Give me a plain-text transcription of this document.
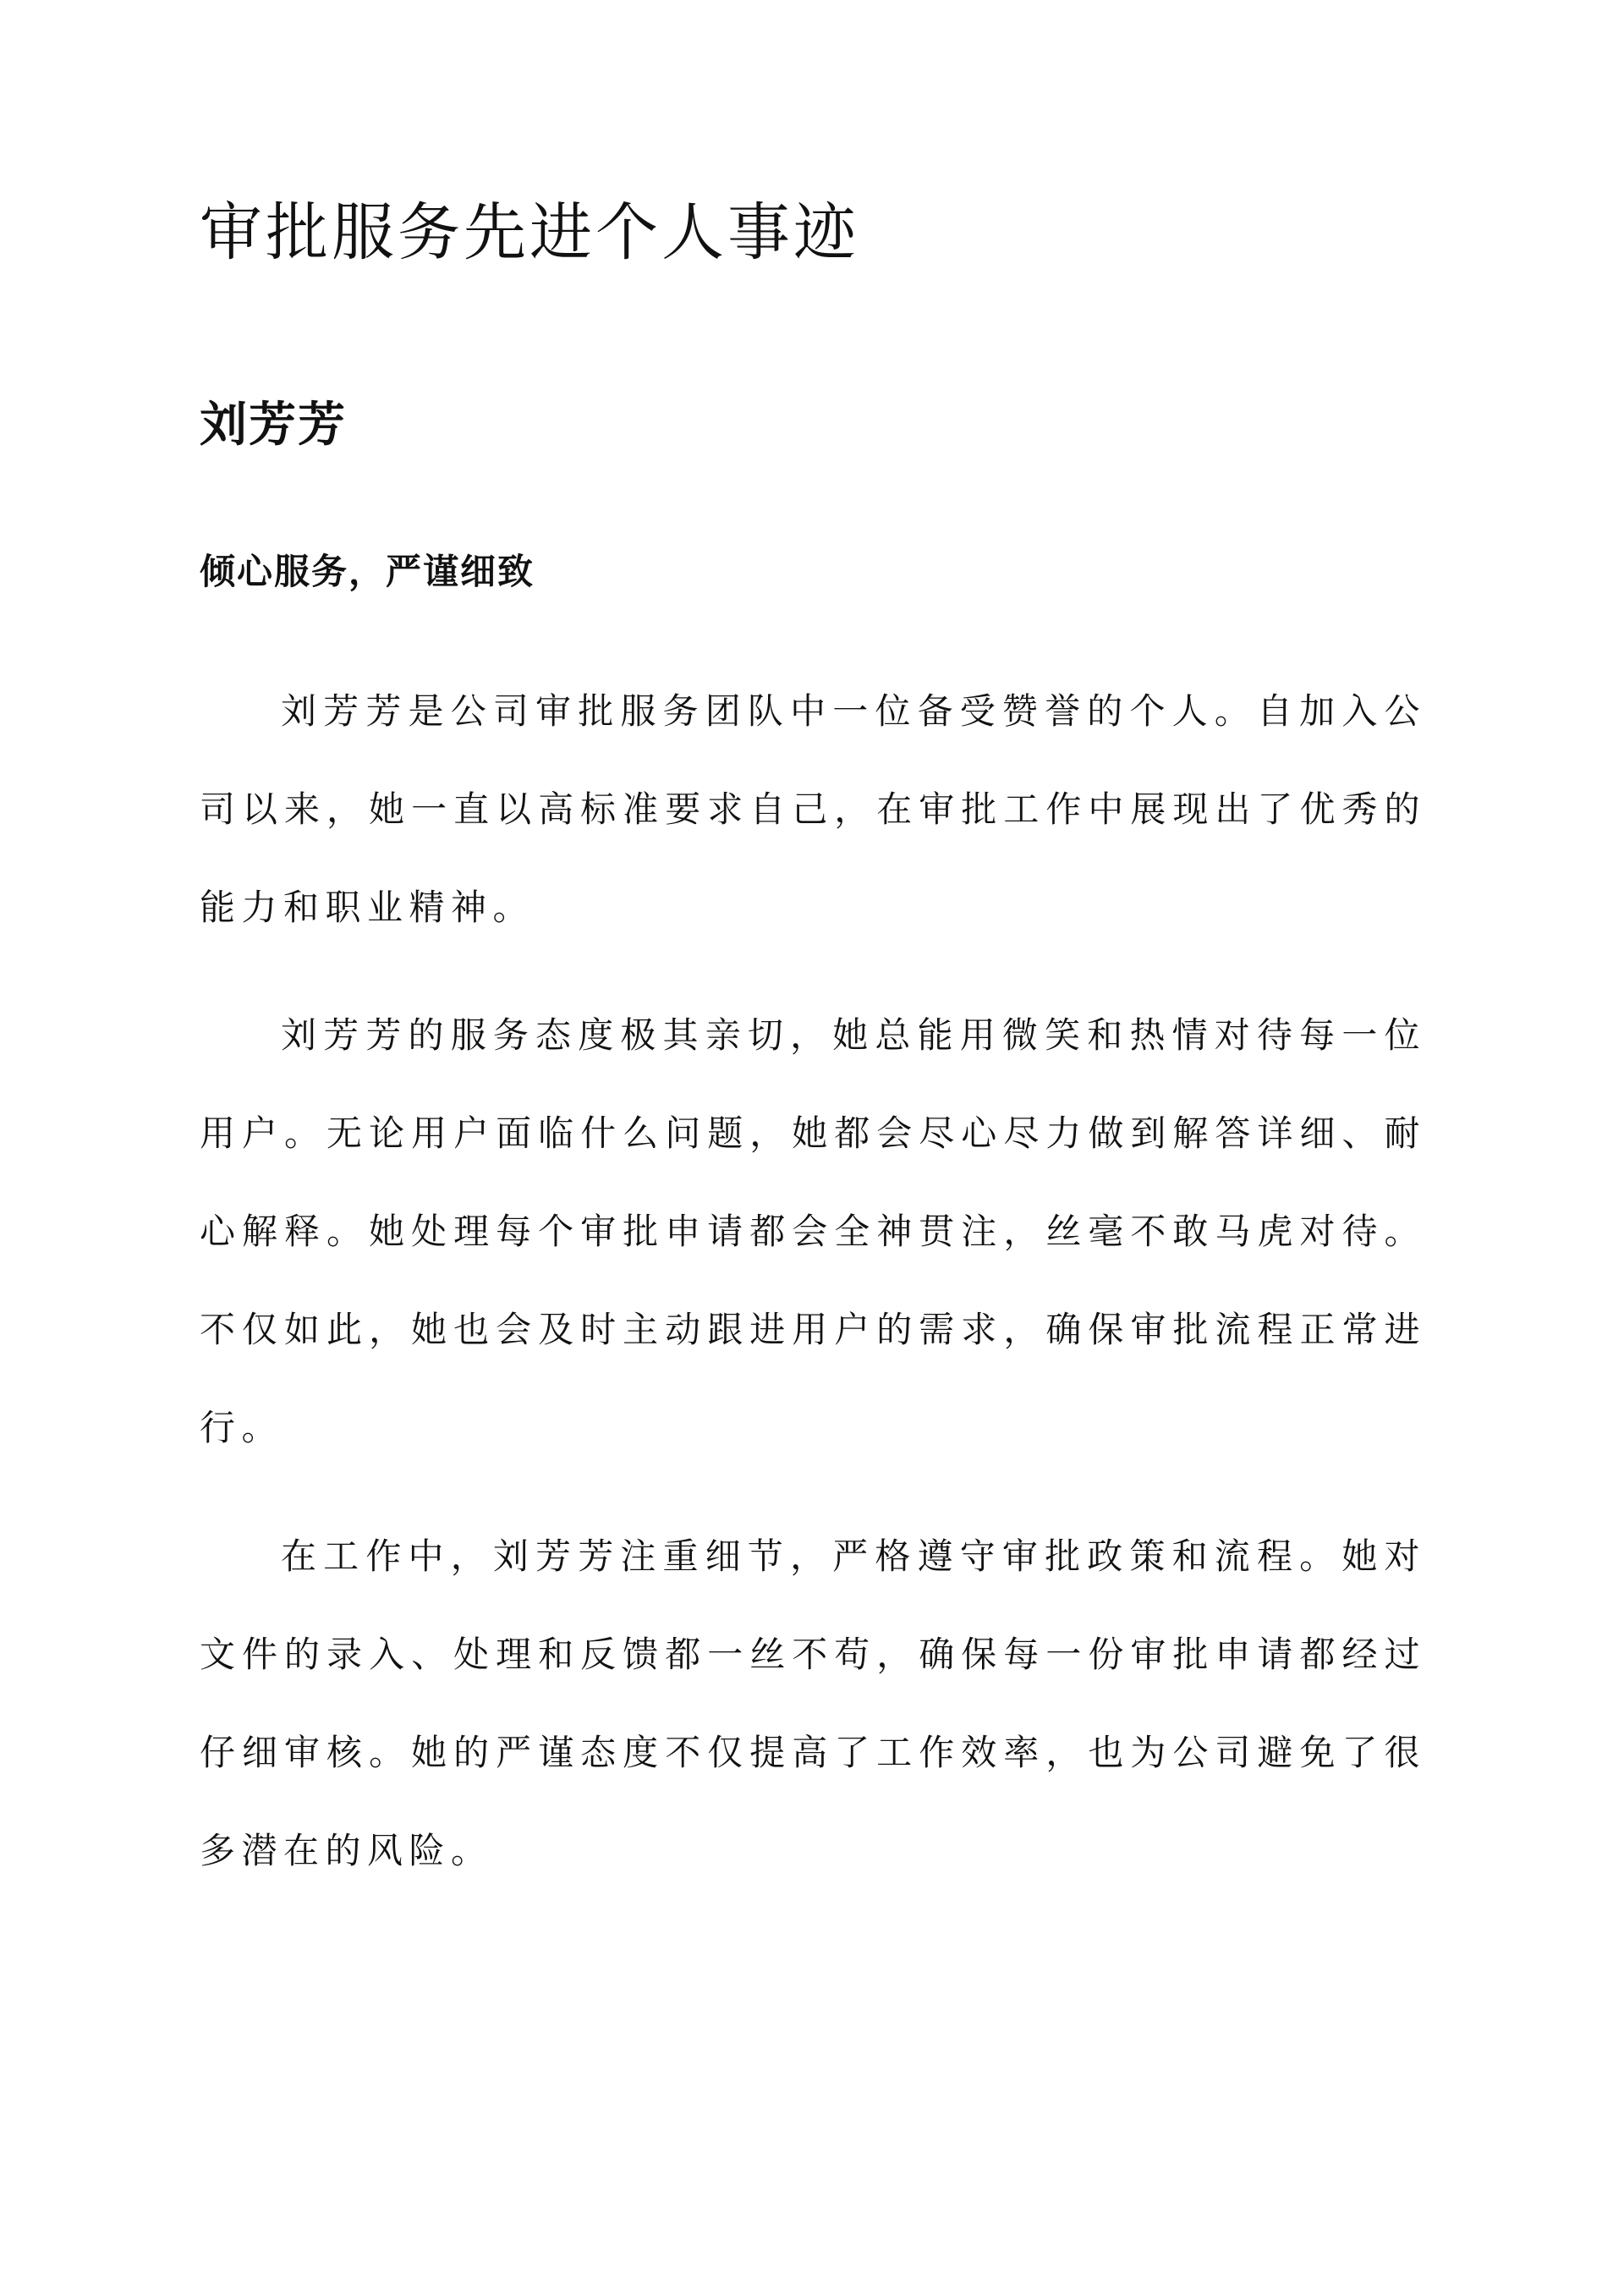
审批服务先进个人事迹
刘芳芳
倾心服务，严谨细致

刘芳芳是公司审批服务团队中一位备受赞誉的个人。自加入公司以来，她一直以高标准要求自己，在审批工作中展现出了优秀的能力和职业精神。

刘芳芳的服务态度极其亲切，她总能用微笑和热情对待每一位用户。无论用户面临什么问题，她都会尽心尽力做到解答详细、耐心解释。她处理每个审批申请都会全神贯注，丝毫不敢马虎对待。不仅如此，她也会及时主动跟进用户的需求，确保审批流程正常进行。

在工作中，刘芳芳注重细节，严格遵守审批政策和流程。她对文件的录入、处理和反馈都一丝不苟，确保每一份审批申请都经过仔细审核。她的严谨态度不仅提高了工作效率，也为公司避免了很多潜在的风险。
